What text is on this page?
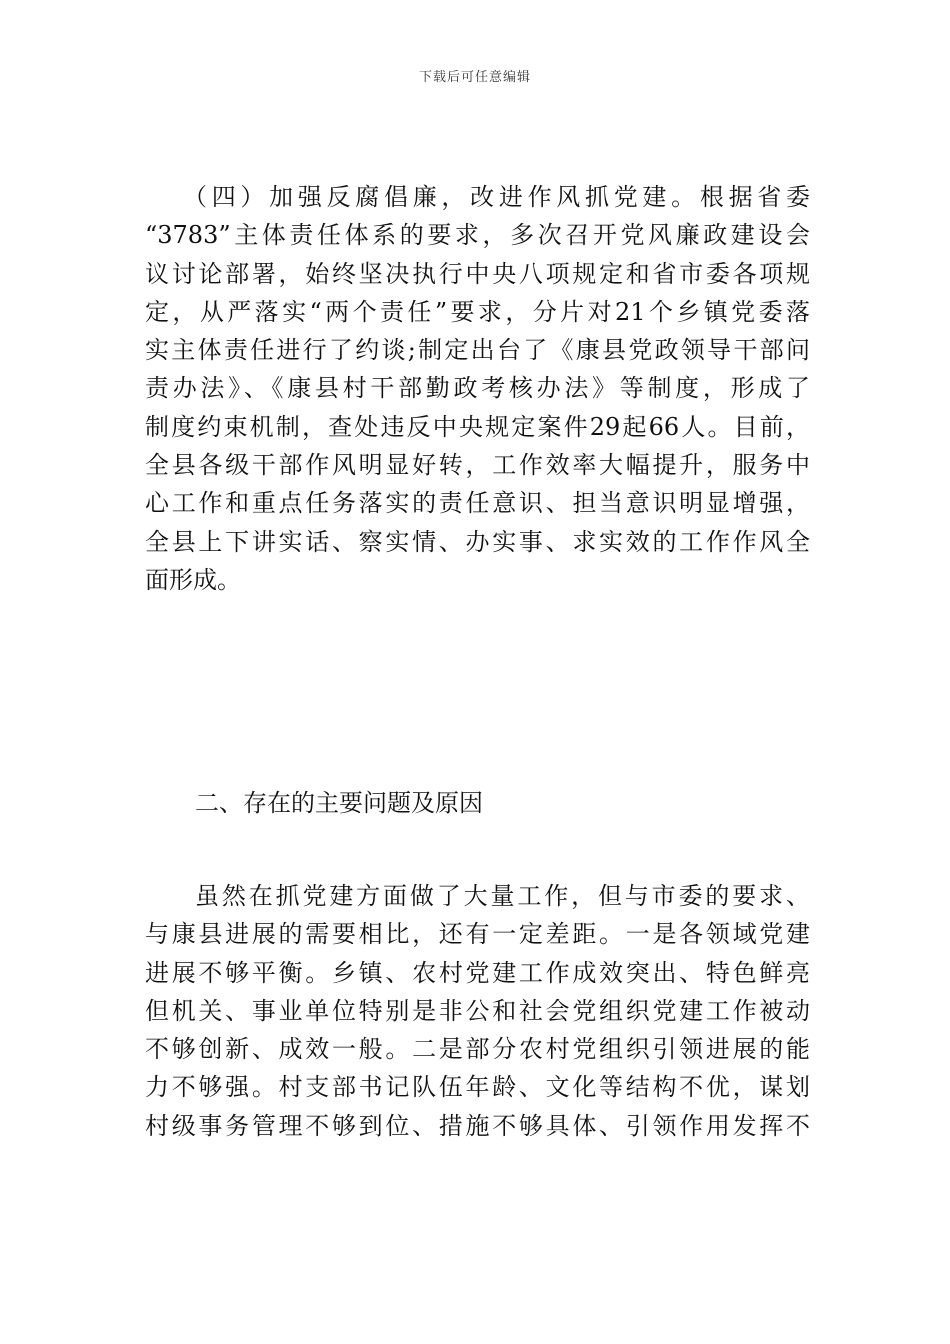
下载后可任意编辑
（四）加强反腐倡廉，改进作风抓党建。根据省委
“3783”主体责任体系的要求，多次召开党风廉政建设会
议讨论部署，始终坚决执行中央八项规定和省市委各项规
定，从严落实“两个责任”要求，分片对21个乡镇党委落
实主体责任进行了约谈;制定出台了《康县党政领导干部问
责办法》、《康县村干部勤政考核办法》等制度，形成了
制度约束机制，查处违反中央规定案件29起66人。目前，
全县各级干部作风明显好转，工作效率大幅提升，服务中
心工作和重点任务落实的责任意识、担当意识明显增强，
全县上下讲实话、察实情、办实事、求实效的工作作风全
面形成。
二、存在的主要问题及原因
虽然在抓党建方面做了大量工作，但与市委的要求、
与康县进展的需要相比，还有一定差距。一是各领域党建
进展不够平衡。乡镇、农村党建工作成效突出、特色鲜亮
但机关、事业单位特别是非公和社会党组织党建工作被动
不够创新、成效一般。二是部分农村党组织引领进展的能
力不够强。村支部书记队伍年龄、文化等结构不优，谋划
村级事务管理不够到位、措施不够具体、引领作用发挥不
